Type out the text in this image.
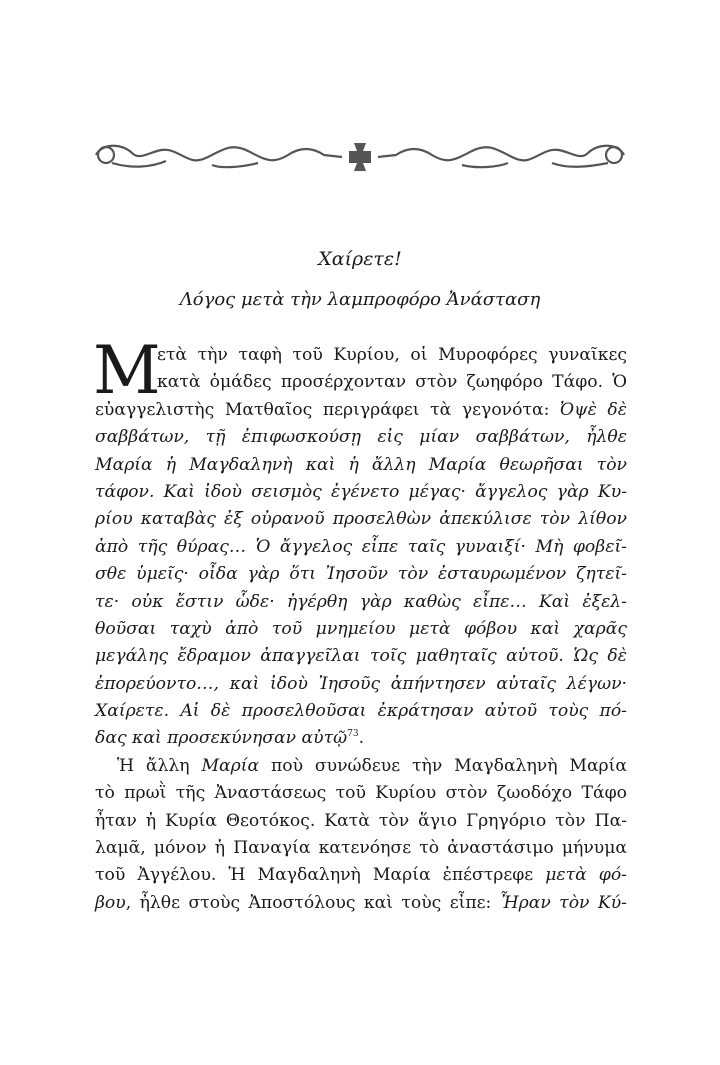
Χαίρετε!
Λόγος μετὰ τὴν λαμπροφόρο Ἀνάσταση
Μ
ετὰ τὴν ταφὴ τοῦ Κυρίου, οἱ Μυροφόρες γυναῖκες
κατὰ ὁμάδες προσέρχονταν στὸν ζωηφόρο Τάφο. Ὁ
εὐαγγελιστὴς Ματθαῖος περιγράφει τὰ γεγονότα: Ὀψὲ δὲ
σαββάτων, τῇ ἐπιφωσκούσῃ εἰς μίαν σαββάτων, ἦλθε
Μαρία ἡ Μαγδαληνὴ καὶ ἡ ἄλλη Μαρία θεωρῆσαι τὸν
τάφον. Καὶ ἰδοὺ σεισμὸς ἐγένετο μέγας· ἄγγελος γὰρ Κυ-
ρίου καταβὰς ἐξ οὐρανοῦ προσελθὼν ἀπεκύλισε τὸν λίθον
ἀπὸ τῆς θύρας… Ὁ ἄγγελος εἶπε ταῖς γυναιξί· Μὴ φοβεῖ-
σθε ὑμεῖς· οἶδα γὰρ ὅτι Ἰησοῦν τὸν ἐσταυρωμένον ζητεῖ-
τε· οὐκ ἔστιν ὧδε· ἠγέρθη γὰρ καθὼς εἶπε… Καὶ ἐξελ-
θοῦσαι ταχὺ ἀπὸ τοῦ μνημείου μετὰ φόβου καὶ χαρᾶς
μεγάλης ἔδραμον ἀπαγγεῖλαι τοῖς μαθηταῖς αὐτοῦ. Ὡς δὲ
ἐπορεύοντο…, καὶ ἰδοὺ Ἰησοῦς ἀπήντησεν αὐταῖς λέγων·
Χαίρετε. Αἱ δὲ προσελθοῦσαι ἐκράτησαν αὐτοῦ τοὺς πό-
δας καὶ προσεκύνησαν αὐτῷ$^{73}$.
Ἡ ἄλλη Μαρία ποὺ συνώδευε τὴν Μαγδαληνὴ Μαρία
τὸ πρωῒ τῆς Ἀναστάσεως τοῦ Κυρίου στὸν ζωοδόχο Τάφο
ἦταν ἡ Κυρία Θεοτόκος. Κατὰ τὸν ἅγιο Γρηγόριο τὸν Πα-
λαμᾶ, μόνον ἡ Παναγία κατενόησε τὸ ἀναστάσιμο μήνυμα
τοῦ Ἀγγέλου. Ἡ Μαγδαληνὴ Μαρία ἐπέστρεφε μετὰ φό-
βου, ἦλθε στοὺς Ἀποστόλους καὶ τοὺς εἶπε: Ἦραν τὸν Κύ-
